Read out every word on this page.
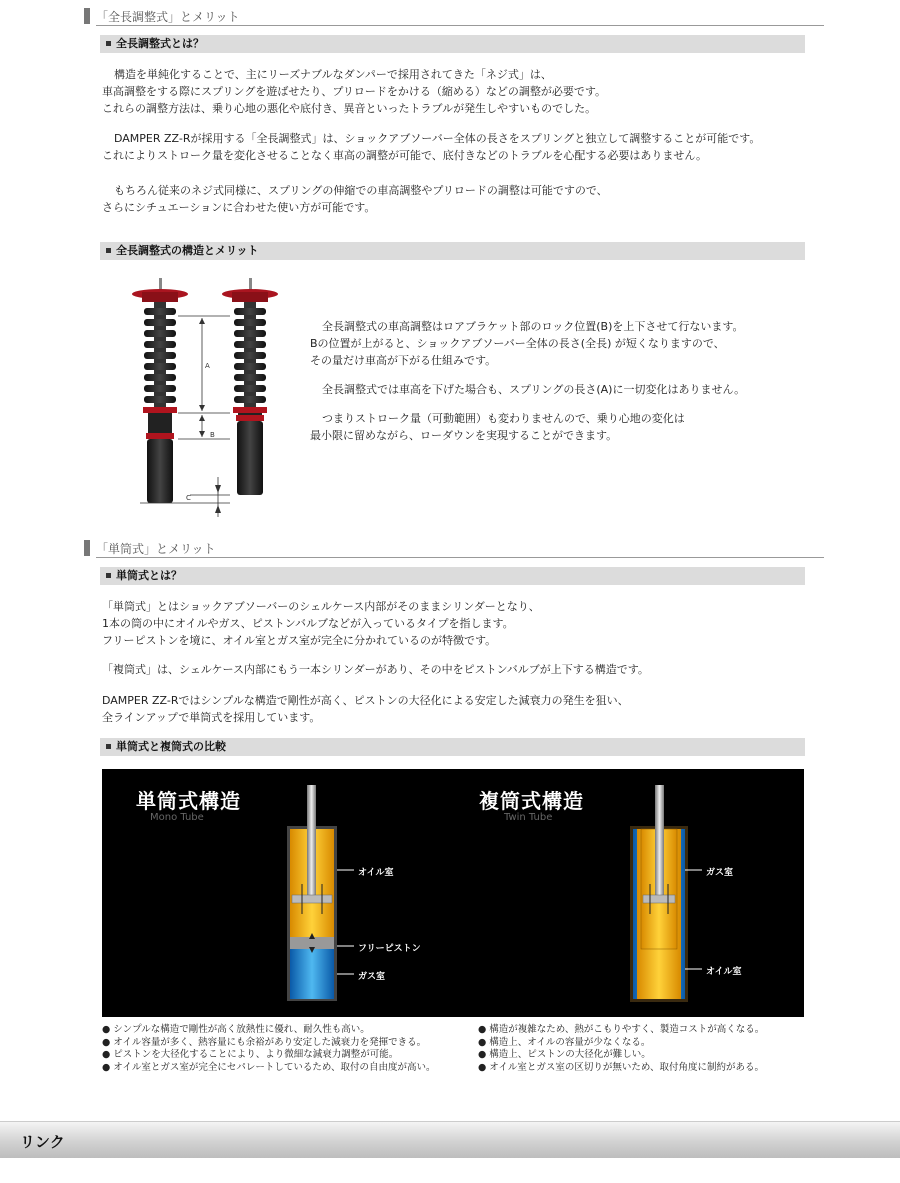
「全長調整式」とメリット
全長調整式とは？
構造を単純化することで、主にリーズナブルなダンパーで採用されてきた「ネジ式」は、
車高調整をする際にスプリングを遊ばせたり、プリロードをかける（縮める）などの調整が必要です。
これらの調整方法は、乗り心地の悪化や底付き、異音といったトラブルが発生しやすいものでした。
DAMPER ZZ-Rが採用する「全長調整式」は、ショックアブソーバー全体の長さをスプリングと独立して調整することが可能です。
これによりストローク量を変化させることなく車高の調整が可能で、底付きなどのトラブルを心配する必要はありません。
もちろん従来のネジ式同様に、スプリングの伸縮での車高調整やプリロードの調整は可能ですので、
さらにシチュエーションに合わせた使い方が可能です。
全長調整式の構造とメリット
A
B
C
全長調整式の車高調整はロアブラケット部のロック位置(B)を上下させて行ないます。
Bの位置が上がると、ショックアブソーバー全体の長さ(全長) が短くなりますので、
その量だけ車高が下がる仕組みです。
全長調整式では車高を下げた場合も、スプリングの長さ(A)に一切変化はありません。
つまりストローク量（可動範囲）も変わりませんので、乗り心地の変化は
最小限に留めながら、ローダウンを実現することができます。
「単筒式」とメリット
単筒式とは？
「単筒式」とはショックアブソーバーのシェルケース内部がそのままシリンダーとなり、
1本の筒の中にオイルやガス、ピストンバルブなどが入っているタイプを指します。
フリーピストンを境に、オイル室とガス室が完全に分かれているのが特徴です。
「複筒式」は、シェルケース内部にもう一本シリンダーがあり、その中をピストンバルブが上下する構造です。
DAMPER ZZ-Rではシンプルな構造で剛性が高く、ピストンの大径化による安定した減衰力の発生を狙い、
全ラインアップで単筒式を採用しています。
単筒式と複筒式の比較
単筒式構造
Mono Tube
複筒式構造
Twin Tube
オイル室
フリーピストン
ガス室
ガス室
オイル室
● シンプルな構造で剛性が高く放熱性に優れ、耐久性も高い。
● オイル容量が多く、熱容量にも余裕があり安定した減衰力を発揮できる。
● ピストンを大径化することにより、より微細な減衰力調整が可能。
● オイル室とガス室が完全にセパレートしているため、取付の自由度が高い。
● 構造が複雑なため、熱がこもりやすく、製造コストが高くなる。
● 構造上、オイルの容量が少なくなる。
● 構造上、ピストンの大径化が難しい。
● オイル室とガス室の区切りが無いため、取付角度に制約がある。
リンク
